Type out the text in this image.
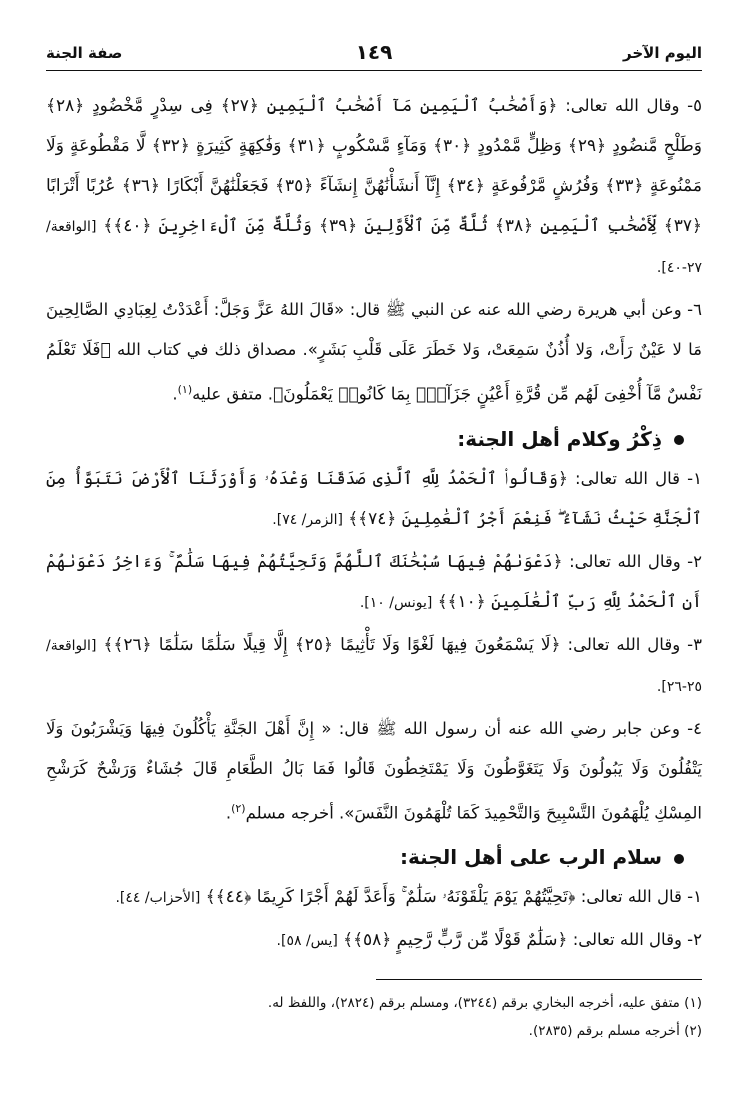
اليوم الآخر
١٤٩
صفة الجنة

٥- وقال الله تعالى: ﴿وَأَصْحَٰبُ ٱلْيَمِينِ مَآ أَصْحَٰبُ ٱلْيَمِينِ ﴿٢٧﴾ فِى سِدْرٍ مَّخْضُودٍ ﴿٢٨﴾ وَطَلْحٍ مَّنضُودٍ ﴿٢٩﴾ وَظِلٍّ مَّمْدُودٍ ﴿٣٠﴾ وَمَآءٍ مَّسْكُوبٍ ﴿٣١﴾ وَفَٰكِهَةٍ كَثِيرَةٍ ﴿٣٢﴾ لَّا مَقْطُوعَةٍ وَلَا مَمْنُوعَةٍ ﴿٣٣﴾ وَفُرُشٍ مَّرْفُوعَةٍ ﴿٣٤﴾ إِنَّآ أَنشَأْنَٰهُنَّ إِنشَآءً ﴿٣٥﴾ فَجَعَلْنَٰهُنَّ أَبْكَارًا ﴿٣٦﴾ عُرُبًا أَتْرَابًا ﴿٣٧﴾ لِّأَصْحَٰبِ ٱلْيَمِينِ ﴿٣٨﴾ ثُلَّةٌ مِّنَ ٱلْأَوَّلِينَ ﴿٣٩﴾ وَثُلَّةٌ مِّنَ ٱلْءَاخِرِينَ ﴿٤٠﴾﴾ [الواقعة/ ٢٧-٤٠].

٦- وعن أبي هريرة رضي الله عنه عن النبي ﷺ قال: «قَالَ اللهُ عَزَّ وَجَلَّ: أَعْدَدْتُ لِعِبَادِي الصَّالِحِينَ مَا لا عَيْنٌ رَأَتْ، وَلا أُذُنٌ سَمِعَتْ، وَلا خَطَرَ عَلَى قَلْبِ بَشَرٍ». مصداق ذلك في كتاب الله ﴿فَلَا تَعْلَمُ نَفْسٌ مَّآ أُخْفِىَ لَهُم مِّن قُرَّةِ أَعْيُنٍ جَزَآءًۢ بِمَا كَانُوا۟ يَعْمَلُونَ﴾. متفق عليه$^{(١)}$.

ذِكْرُ وكلام أهل الجنة:

١- قال الله تعالى: ﴿وَقَالُوا۟ ٱلْحَمْدُ لِلَّهِ ٱلَّذِى صَدَقَنَا وَعْدَهُۥ وَأَوْرَثَنَا ٱلْأَرْضَ نَتَبَوَّأُ مِنَ ٱلْجَنَّةِ حَيْثُ نَشَآءُ ۖ فَنِعْمَ أَجْرُ ٱلْعَٰمِلِينَ ﴿٧٤﴾﴾ [الزمر/ ٧٤].

٢- وقال الله تعالى: ﴿دَعْوَىٰهُمْ فِيهَا سُبْحَٰنَكَ ٱللَّهُمَّ وَتَحِيَّتُهُمْ فِيهَا سَلَٰمٌ ۚ وَءَاخِرُ دَعْوَىٰهُمْ أَنِ ٱلْحَمْدُ لِلَّهِ رَبِّ ٱلْعَٰلَمِينَ ﴿١٠﴾﴾ [يونس/ ١٠].

٣- وقال الله تعالى: ﴿لَا يَسْمَعُونَ فِيهَا لَغْوًا وَلَا تَأْثِيمًا ﴿٢٥﴾ إِلَّا قِيلًا سَلَٰمًا سَلَٰمًا ﴿٢٦﴾﴾ [الواقعة/ ٢٥-٢٦].

٤- وعن جابر رضي الله عنه أن رسول الله ﷺ قال: « إِنَّ أَهْلَ الجَنَّةِ يَأْكُلُونَ فِيهَا وَيَشْرَبُونَ وَلَا يَتْفُلُونَ وَلَا يَبُولُونَ وَلَا يَتَغَوَّطُونَ وَلَا يَمْتَخِطُونَ قَالُوا فَمَا بَالُ الطَّعَامِ قَالَ جُشَاءٌ وَرَشْحٌ كَرَشْحِ المِسْكِ يُلْهَمُونَ التَّسْبِيحَ وَالتَّحْمِيدَ كَمَا تُلْهَمُونَ النَّفَسَ». أخرجه مسلم$^{(٢)}$.

سلام الرب على أهل الجنة:

١- قال الله تعالى: ﴿تَحِيَّتُهُمْ يَوْمَ يَلْقَوْنَهُۥ سَلَٰمٌ ۚ وَأَعَدَّ لَهُمْ أَجْرًا كَرِيمًا ﴿٤٤﴾﴾ [الأحزاب/ ٤٤].

٢- وقال الله تعالى: ﴿سَلَٰمٌ قَوْلًا مِّن رَّبٍّ رَّحِيمٍ ﴿٥٨﴾﴾ [يس/ ٥٨].

(١) متفق عليه، أخرجه البخاري برقم (٣٢٤٤)، ومسلم برقم (٢٨٢٤)، واللفظ له.
(٢) أخرجه مسلم برقم (٢٨٣٥).
